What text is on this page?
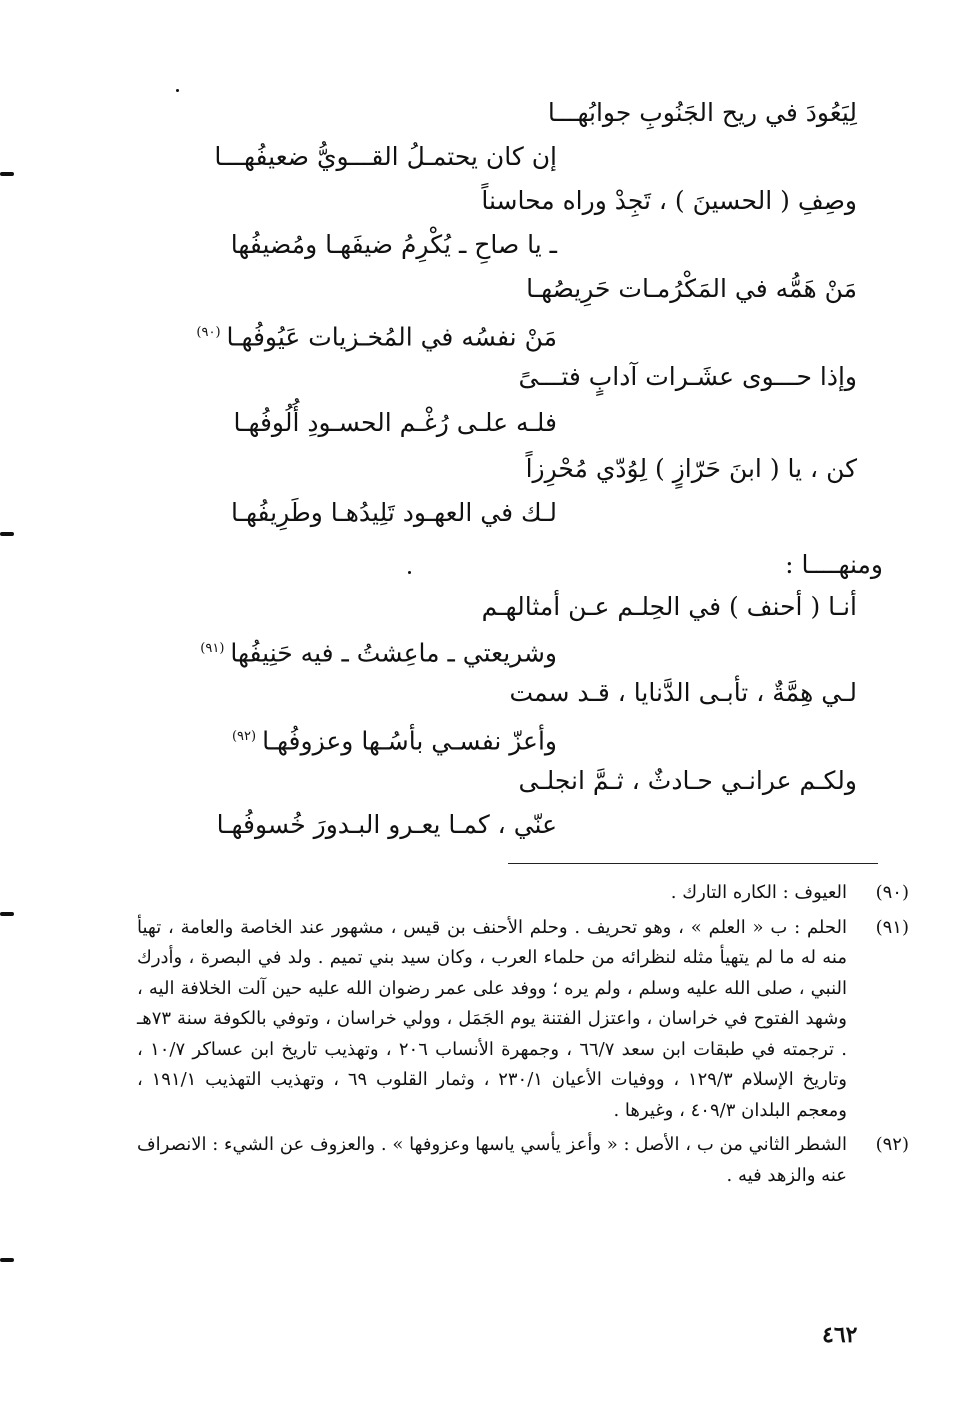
لِيَعُودَ في ريح الجَنُوبِ جوابُهـــا
إن كان يحتمـلُ القـــويُّ ضعيفُهـــا
وصِفِ ( الحسينَ ) ، تَجِدْ وراه محاسناً
ـ يا صاحِ ـ يُكْرِمُ ضيفَهـا ومُضيفُها
مَنْ هَمُّه في المَكْرُمـات حَرِيصُهـا
مَنْ نفسُه في المُخـزيات عَيُوفُهـا$^{(٩٠)}$
وإذا حـــوى عشَـرات آدابٍ فتـــىً
فلـه علـى رُغْـم الحسـودِ أُلُوفُهـا
كن ، يا ( ابنَ حَرّازٍ ) لِوُدّي مُحْرِزاً
لـك في العهـود تَلِيدُهـا وطَرِيفُهـا
ومنهــــا :
أنـا ( أحنف ) في الحِلـم عـن أمثالهـم
وشريعتي ـ ماعِشتُ ـ فيه حَنِيفُها$^{(٩١)}$
لـي هِمَّةٌ ، تأبـى الدَّنايا ، قـد سمت
وأعزّ نفسـي بأسُـها وعزوفُهـا$^{(٩٢)}$
ولكـم عرانـي حـادثٌ ، ثـمَّ انجلـى
عنّي ، كمـا يعـرو البـدورَ خُسوفُهـا
(٩٠)
العيوف : الكاره التارك .
(٩١)
الحلم : ب « العلم » ، وهو تحريف . وحلم الأحنف بن قيس ، مشهور عند الخاصة والعامة ، تهيأ منه له ما لم يتهيأ مثله لنظرائه من حلماء العرب ، وكان سيد بني تميم . ولد في البصرة ، وأدرك النبي ، صلى الله عليه وسلم ، ولم يره ؛ ووفد على عمر رضوان الله عليه حين آلت الخلافة اليه ، وشهد الفتوح في خراسان ، واعتزل الفتنة يوم الجَمَل ، وولي خراسان ، وتوفي بالكوفة سنة ٧٣هـ . ترجمته في طبقات ابن سعد ٦٦/٧ ، وجمهرة الأنساب ٢٠٦ ، وتهذيب تاريخ ابن عساكر ١٠/٧ ، وتاريخ الإسلام ١٢٩/٣ ، ووفيات الأعيان ٢٣٠/١ ، وثمار القلوب ٦٩ ، وتهذيب التهذيب ١٩١/١ ، ومعجم البلدان ٤٠٩/٣ ، وغيرها .
(٩٢)
الشطر الثاني من ب ، الأصل : « وأعز يأسي ياسها وعزوفها » . والعزوف عن الشيء : الانصراف عنه والزهد فيه .
٤٦٢
